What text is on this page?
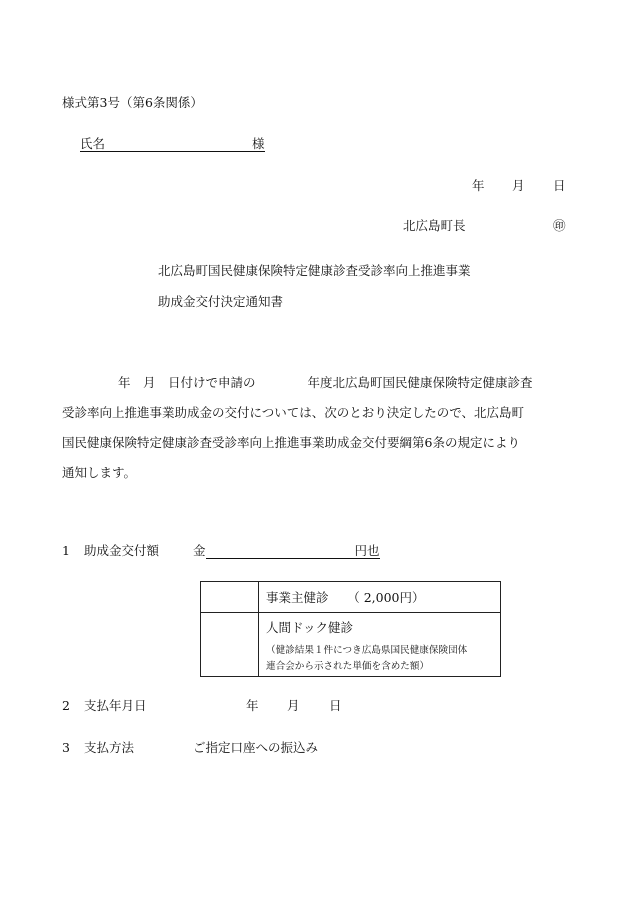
様式第3号（第6条関係）
氏名	様
年 月 日
北広島町長	㊞
北広島町国民健康保険特定健康診査受診率向上推進事業
助成金交付決定通知書
年　月　日付けで申請の	年度北広島町国民健康保険特定健康診査
受診率向上推進事業助成金の交付については、次のとおり決定したので、北広島町
国民健康保険特定健康診査受診率向上推進事業助成金交付要綱第6条の規定により
通知します。
1 助成金交付額	金	円也
	事業主健診　　（ 2,000円）
	人間ドック健診
（健診結果１件につき広島県国民健康保険団体
連合会から示された単価を含めた額）
2 支払年月日	年 月 日
3 支払方法	ご指定口座への振込み
